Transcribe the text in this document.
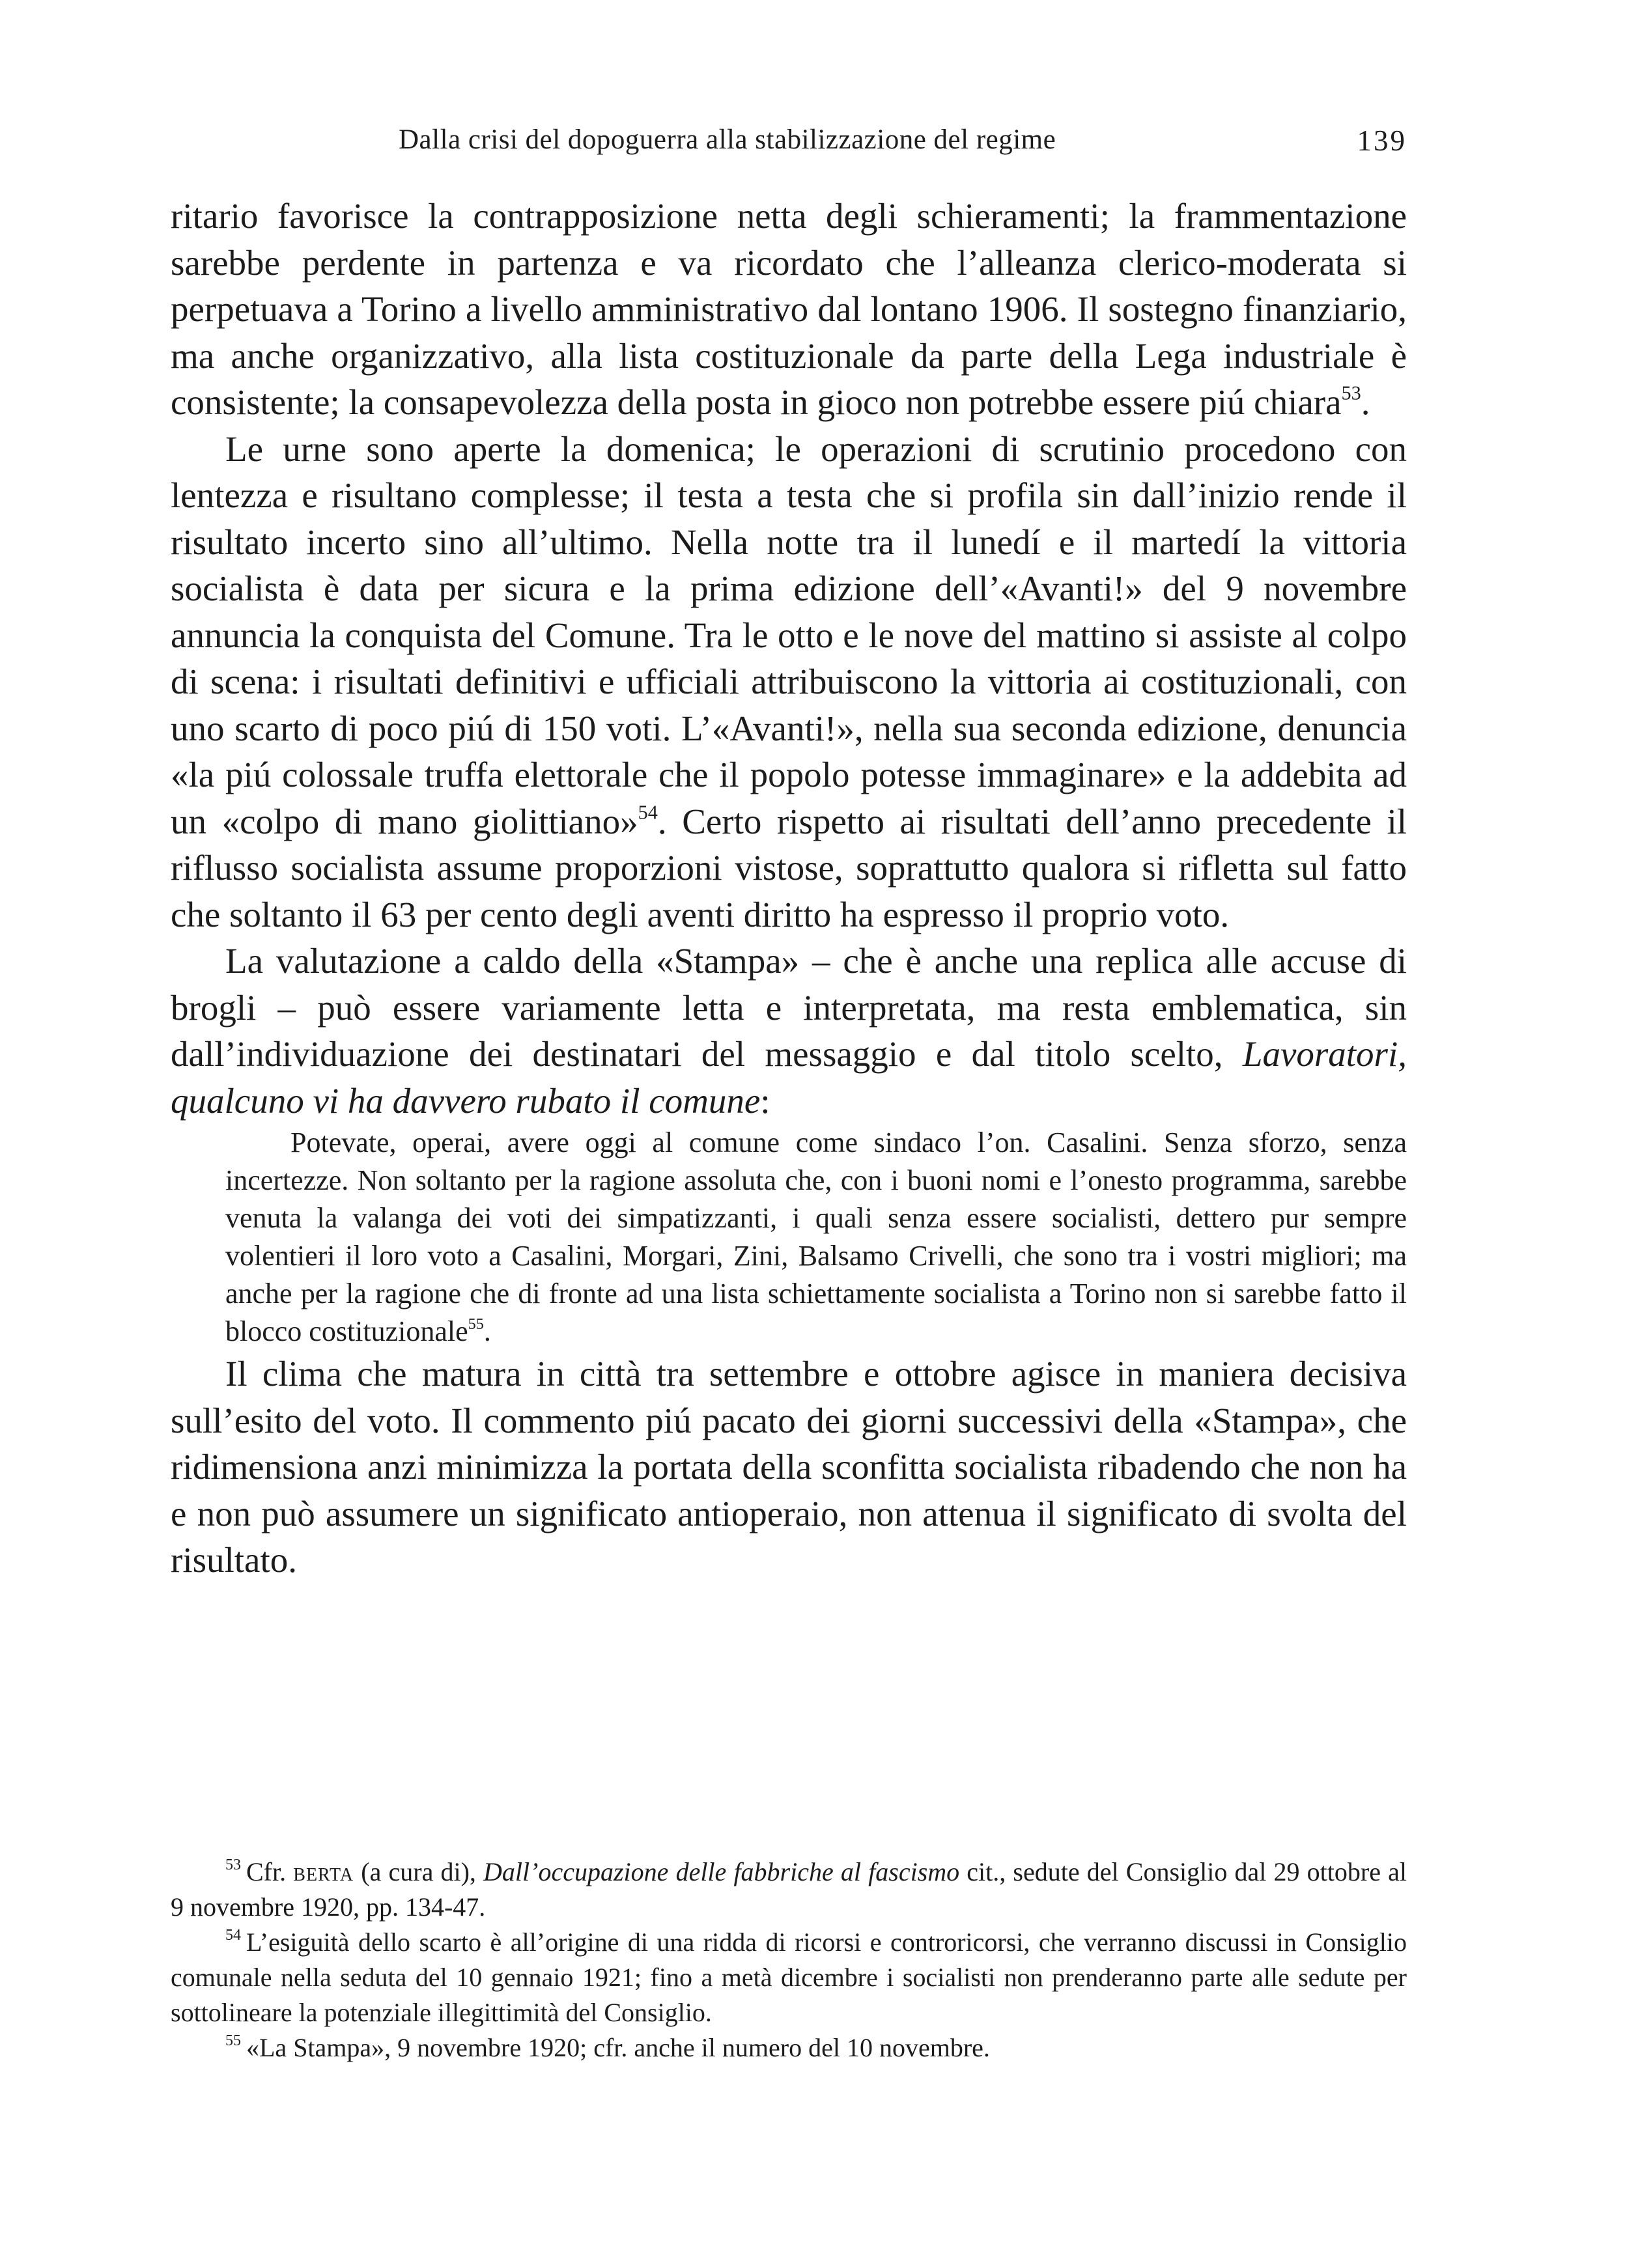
Dalla crisi del dopoguerra alla stabilizzazione del regime	139

ritario favorisce la contrapposizione netta degli schieramenti; la frammentazione sarebbe perdente in partenza e va ricordato che l’alleanza clerico-moderata si perpetuava a Torino a livello amministrativo dal lontano 1906. Il sostegno finanziario, ma anche organizzativo, alla lista costituzionale da parte della Lega industriale è consistente; la consapevolezza della posta in gioco non potrebbe essere piú chiara$^{53}$.

Le urne sono aperte la domenica; le operazioni di scrutinio procedono con lentezza e risultano complesse; il testa a testa che si profila sin dall’inizio rende il risultato incerto sino all’ultimo. Nella notte tra il lunedí e il martedí la vittoria socialista è data per sicura e la prima edizione dell’«Avanti!» del 9 novembre annuncia la conquista del Comune. Tra le otto e le nove del mattino si assiste al colpo di scena: i risultati definitivi e ufficiali attribuiscono la vittoria ai costituzionali, con uno scarto di poco piú di 150 voti. L’«Avanti!», nella sua seconda edizione, denuncia «la piú colossale truffa elettorale che il popolo potesse immaginare» e la addebita ad un «colpo di mano giolittiano»$^{54}$. Certo rispetto ai risultati dell’anno precedente il riflusso socialista assume proporzioni vistose, soprattutto qualora si rifletta sul fatto che soltanto il 63 per cento degli aventi diritto ha espresso il proprio voto.

La valutazione a caldo della «Stampa» – che è anche una replica alle accuse di brogli – può essere variamente letta e interpretata, ma resta emblematica, sin dall’individuazione dei destinatari del messaggio e dal titolo scelto, Lavoratori, qualcuno vi ha davvero rubato il comune:

Potevate, operai, avere oggi al comune come sindaco l’on. Casalini. Senza sforzo, senza incertezze. Non soltanto per la ragione assoluta che, con i buoni nomi e l’onesto programma, sarebbe venuta la valanga dei voti dei simpatizzanti, i quali senza essere socialisti, dettero pur sempre volentieri il loro voto a Casalini, Morgari, Zini, Balsamo Crivelli, che sono tra i vostri migliori; ma anche per la ragione che di fronte ad una lista schiettamente socialista a Torino non si sarebbe fatto il blocco costituzionale$^{55}$.

Il clima che matura in città tra settembre e ottobre agisce in maniera decisiva sull’esito del voto. Il commento piú pacato dei giorni successivi della «Stampa», che ridimensiona anzi minimizza la portata della sconfitta socialista ribadendo che non ha e non può assumere un significato antioperaio, non attenua il significato di svolta del risultato.

$^{53}$ Cfr. berta (a cura di), Dall’occupazione delle fabbriche al fascismo cit., sedute del Consiglio dal 29 ottobre al 9 novembre 1920, pp. 134-47.

$^{54}$ L’esiguità dello scarto è all’origine di una ridda di ricorsi e controricorsi, che verranno discussi in Consiglio comunale nella seduta del 10 gennaio 1921; fino a metà dicembre i socialisti non prenderanno parte alle sedute per sottolineare la potenziale illegittimità del Consiglio.

$^{55}$ «La Stampa», 9 novembre 1920; cfr. anche il numero del 10 novembre.
